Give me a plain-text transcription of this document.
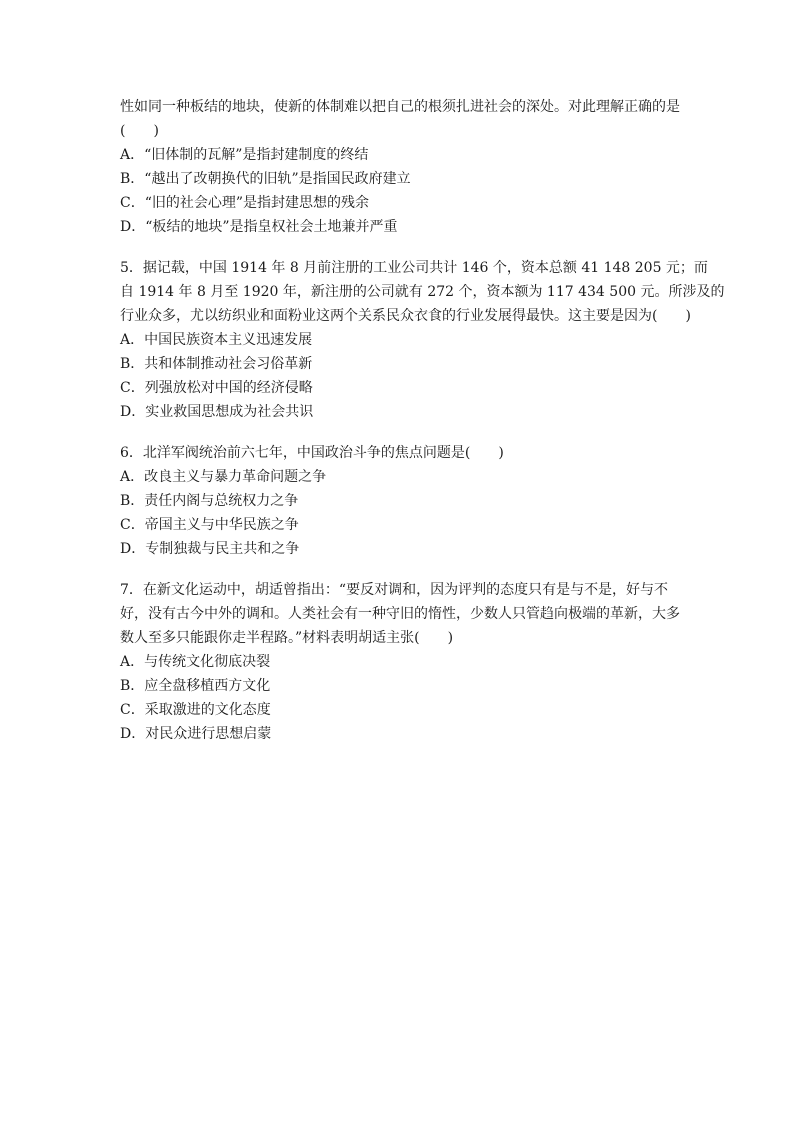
性如同一种板结的地块，使新的体制难以把自己的根须扎进社会的深处。对此理解正确的是
(　　)
A．“旧体制的瓦解”是指封建制度的终结
B．“越出了改朝换代的旧轨”是指国民政府建立
C．“旧的社会心理”是指封建思想的残余
D．“板结的地块”是指皇权社会土地兼并严重
5．据记载，中国 1914 年 8 月前注册的工业公司共计 146 个，资本总额 41 148 205 元；而
自 1914 年 8 月至 1920 年，新注册的公司就有 272 个，资本额为 117 434 500 元。所涉及的
行业众多，尤以纺织业和面粉业这两个关系民众衣食的行业发展得最快。这主要是因为(　　)
A．中国民族资本主义迅速发展
B．共和体制推动社会习俗革新
C．列强放松对中国的经济侵略
D．实业救国思想成为社会共识
6．北洋军阀统治前六七年，中国政治斗争的焦点问题是(　　)
A．改良主义与暴力革命问题之争
B．责任内阁与总统权力之争
C．帝国主义与中华民族之争
D．专制独裁与民主共和之争
7．在新文化运动中，胡适曾指出：“要反对调和，因为评判的态度只有是与不是，好与不
好，没有古今中外的调和。人类社会有一种守旧的惰性，少数人只管趋向极端的革新，大多
数人至多只能跟你走半程路。”材料表明胡适主张(　　)
A．与传统文化彻底决裂
B．应全盘移植西方文化
C．采取激进的文化态度
D．对民众进行思想启蒙
